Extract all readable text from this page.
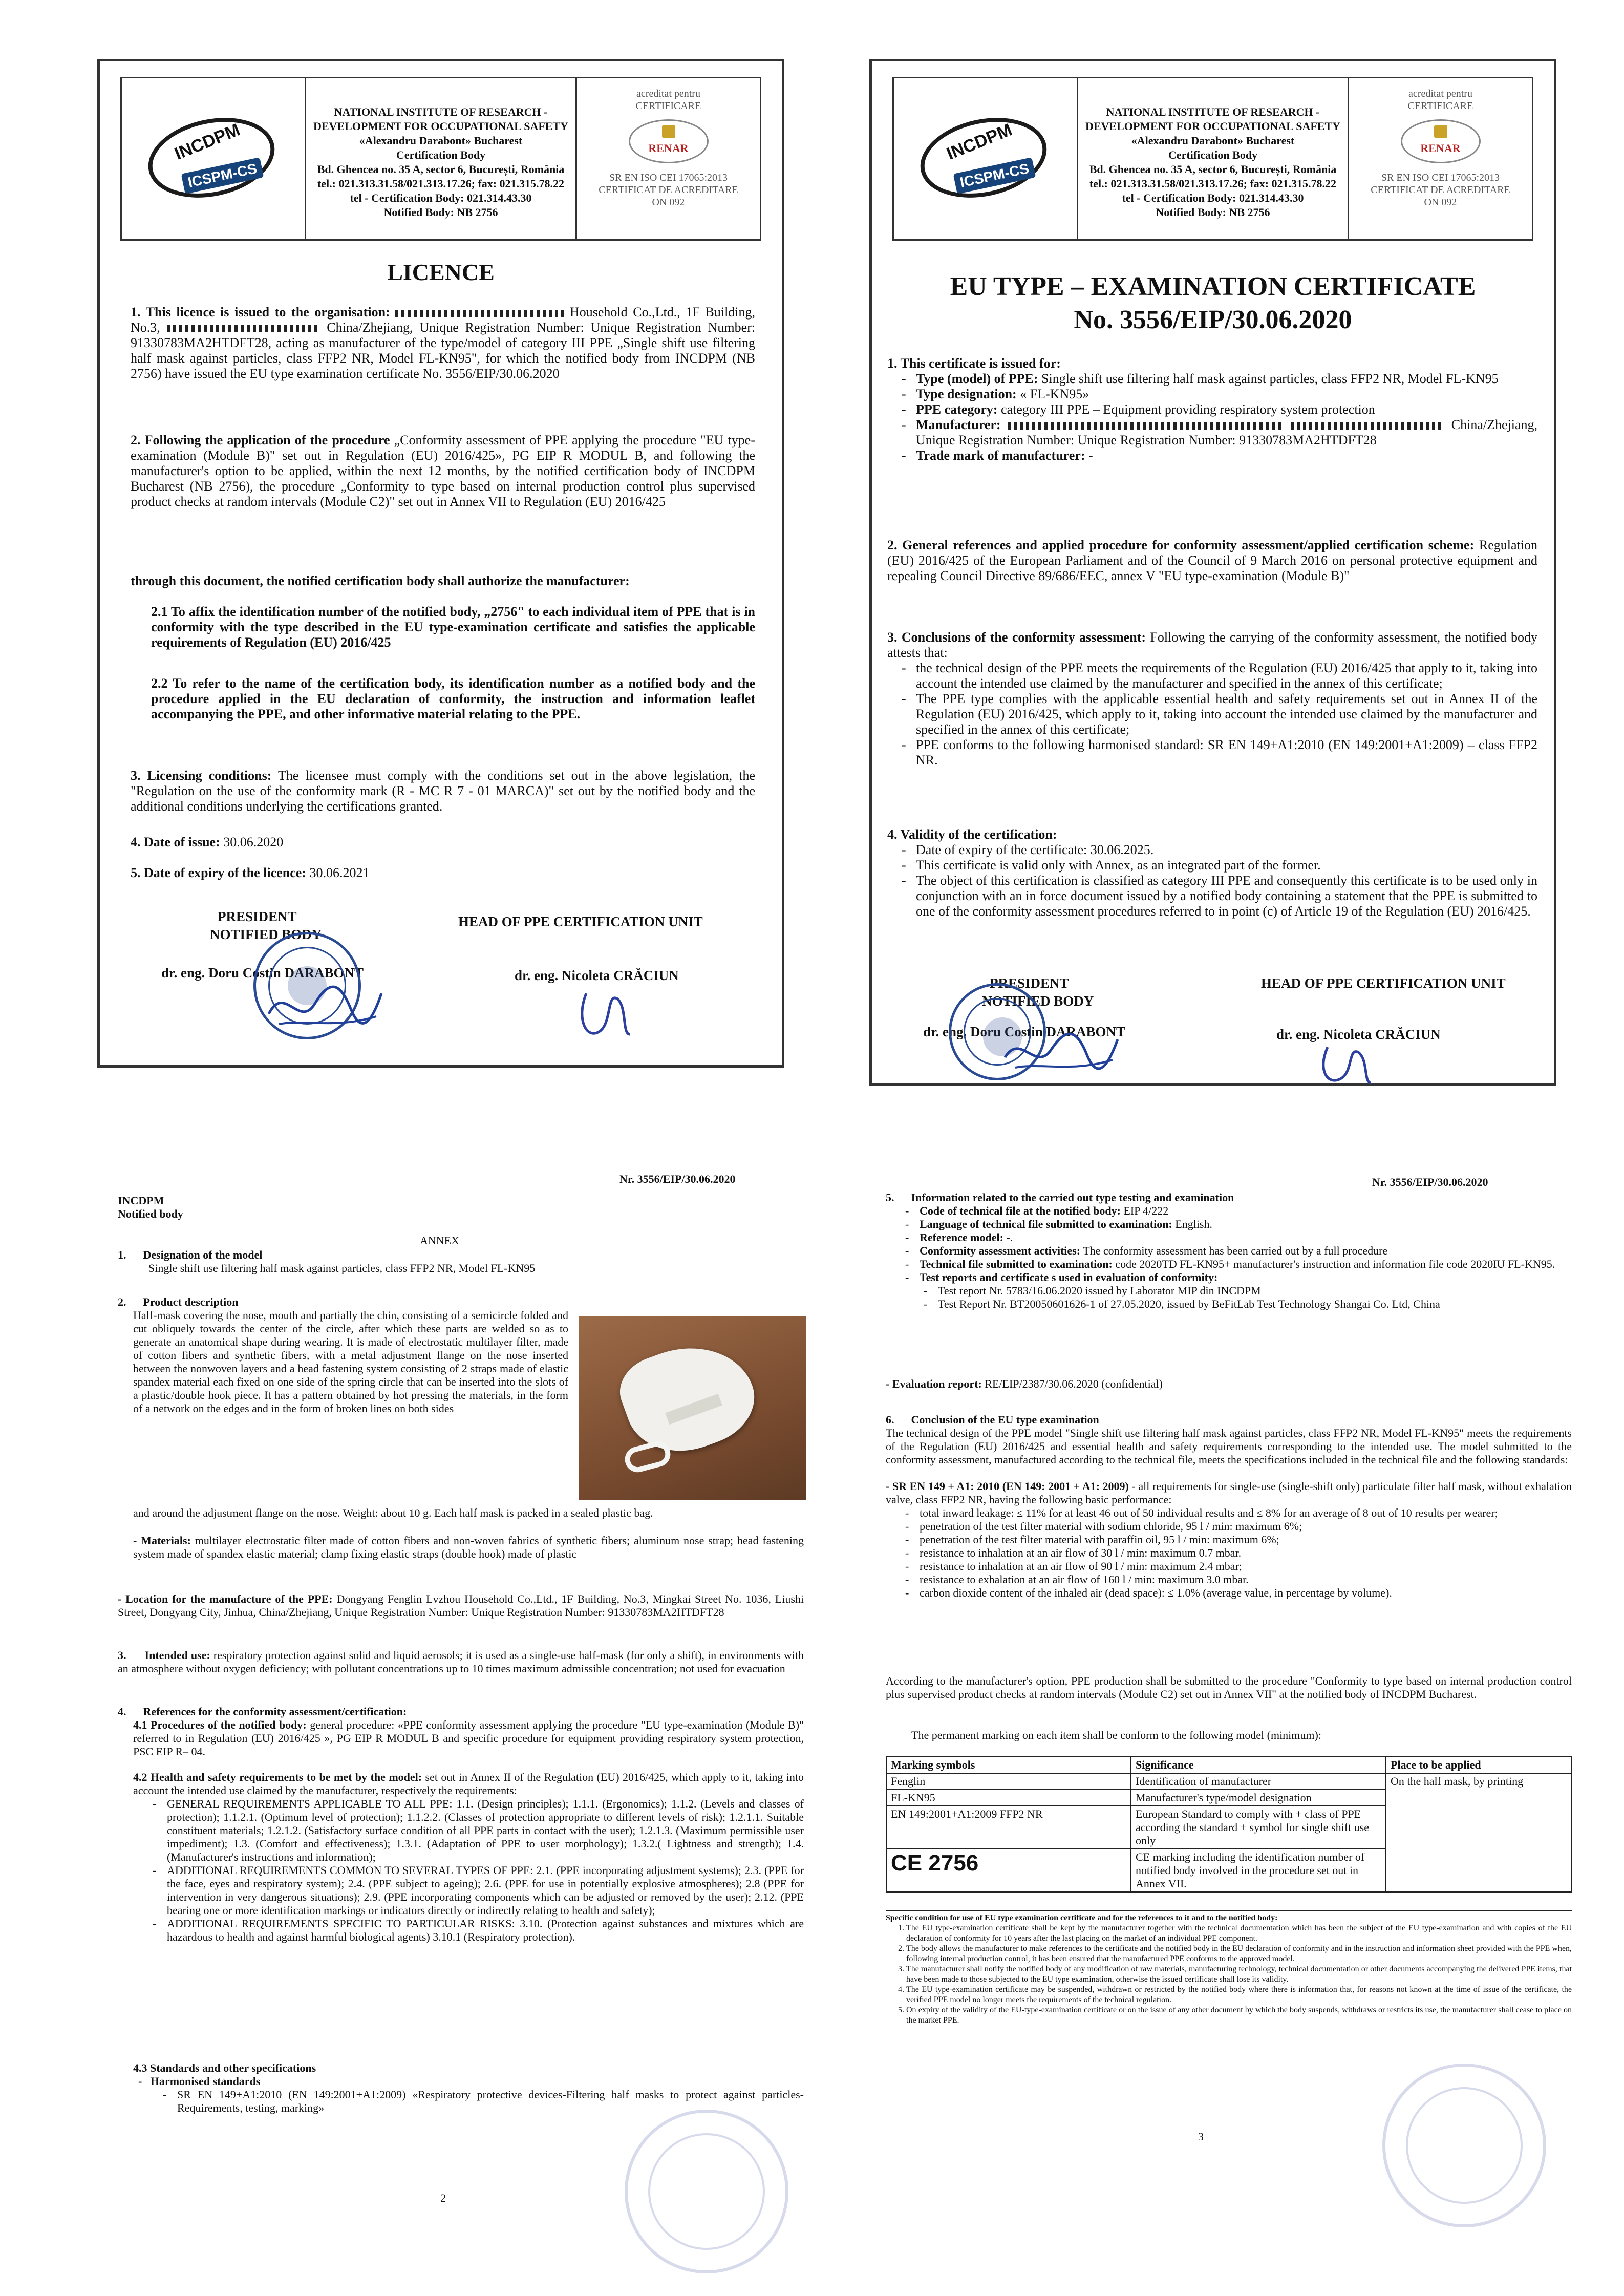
INCDPM
ICSPM-CS
NATIONAL INSTITUTE OF RESEARCH -
DEVELOPMENT FOR OCCUPATIONAL SAFETY
«Alexandru Darabont» Bucharest
Certification Body
Bd. Ghencea no. 35 A, sector 6, București, România
tel.: 021.313.31.58/021.313.17.26; fax: 021.315.78.22
tel - Certification Body: 021.314.43.30
Notified Body: NB 2756
acreditat pentru
CERTIFICARE
RENAR
SR EN ISO CEI 17065:2013
CERTIFICAT DE ACREDITARE
ON 092
LICENCE
1. This licence is issued to the organisation:	Household Co.,Ltd., 1F Building, No.3,	China/Zhejiang, Unique Registration Number: Unique Registration Number: 91330783MA2HTDFT28, acting as manufacturer of the type/model of category III PPE „Single shift use filtering half mask against particles, class FFP2 NR, Model FL-KN95", for which the notified body from INCDPM (NB 2756) have issued the EU type examination certificate No. 3556/EIP/30.06.2020
2. Following the application of the procedure „Conformity assessment of PPE applying the procedure "EU type-examination (Module B)" set out in Regulation (EU) 2016/425», PG EIP R MODUL B, and following the manufacturer's option to be applied, within the next 12 months, by the notified certification body of INCDPM Bucharest (NB 2756), the procedure „Conformity to type based on internal production control plus supervised product checks at random intervals (Module C2)" set out in Annex VII to Regulation (EU) 2016/425
through this document, the notified certification body shall authorize the manufacturer:
2.1 To affix the identification number of the notified body, „2756" to each individual item of PPE that is in conformity with the type described in the EU type-examination certificate and satisfies the applicable requirements of Regulation (EU) 2016/425
2.2 To refer to the name of the certification body, its identification number as a notified body and the procedure applied in the EU declaration of conformity, the instruction and information leaflet accompanying the PPE, and other informative material relating to the PPE.
3. Licensing conditions: The licensee must comply with the conditions set out in the above legislation, the "Regulation on the use of the conformity mark (R - MC R 7 - 01 MARCA)" set out by the notified body and the additional conditions underlying the certifications granted.
4. Date of issue: 30.06.2020
5. Date of expiry of the licence: 30.06.2021
PRESIDENT
NOTIFIED BODY
dr. eng. Doru Costin DARABONT
HEAD OF PPE CERTIFICATION UNIT
dr. eng. Nicoleta CRĂCIUN
INCDPM
ICSPM-CS
NATIONAL INSTITUTE OF RESEARCH -
DEVELOPMENT FOR OCCUPATIONAL SAFETY
«Alexandru Darabont» Bucharest
Certification Body
Bd. Ghencea no. 35 A, sector 6, București, România
tel.: 021.313.31.58/021.313.17.26; fax: 021.315.78.22
tel - Certification Body: 021.314.43.30
Notified Body: NB 2756
acreditat pentru
CERTIFICARE
RENAR
SR EN ISO CEI 17065:2013
CERTIFICAT DE ACREDITARE
ON 092
EU TYPE – EXAMINATION CERTIFICATE
No. 3556/EIP/30.06.2020
1. This certificate is issued for:
- Type (model) of PPE: Single shift use filtering half mask against particles, class FFP2 NR, Model FL-KN95
- Type designation: « FL-KN95»
- PPE category: category III PPE – Equipment providing respiratory system protection
- Manufacturer:	China/Zhejiang, Unique Registration Number: Unique Registration Number: 91330783MA2HTDFT28
- Trade mark of manufacturer: -
2. General references and applied procedure for conformity assessment/applied certification scheme: Regulation (EU) 2016/425 of the European Parliament and of the Council of 9 March 2016 on personal protective equipment and repealing Council Directive 89/686/EEC, annex V "EU type-examination (Module B)"
3. Conclusions of the conformity assessment: Following the carrying of the conformity assessment, the notified body attests that:
- the technical design of the PPE meets the requirements of the Regulation (EU) 2016/425 that apply to it, taking into account the intended use claimed by the manufacturer and specified in the annex of this certificate;
- The PPE type complies with the applicable essential health and safety requirements set out in Annex II of the Regulation (EU) 2016/425, which apply to it, taking into account the intended use claimed by the manufacturer and specified in the annex of this certificate;
- PPE conforms to the following harmonised standard: SR EN 149+A1:2010 (EN 149:2001+A1:2009) – class FFP2 NR.
4. Validity of the certification:
- Date of expiry of the certificate: 30.06.2025.
- This certificate is valid only with Annex, as an integrated part of the former.
- The object of this certification is classified as category III PPE and consequently this certificate is to be used only in conjunction with an in force document issued by a notified body containing a statement that the PPE is submitted to one of the conformity assessment procedures referred to in point (c) of Article 19 of the Regulation (EU) 2016/425.
PRESIDENT
NOTIFIED BODY
dr. eng. Doru Costin DARABONT
HEAD OF PPE CERTIFICATION UNIT
dr. eng. Nicoleta CRĂCIUN
Nr. 3556/EIP/30.06.2020
INCDPM
Notified body
ANNEX
1.      Designation of the model
Single shift use filtering half mask against particles, class FFP2 NR, Model FL-KN95
2.      Product description
Half-mask covering the nose, mouth and partially the chin, consisting of a semicircle folded and cut obliquely towards the center of the circle, after which these parts are welded so as to generate an anatomical shape during wearing. It is made of electrostatic multilayer filter, made of cotton fibers and synthetic fibers, with a metal adjustment flange on the nose inserted between the nonwoven layers and a head fastening system consisting of 2 straps made of elastic spandex material each fixed on one side of the spring circle that can be inserted into the slots of a plastic/double hook piece. It has a pattern obtained by hot pressing the materials, in the form of a network on the edges and in the form of broken lines on both sides
and around the adjustment flange on the nose. Weight: about 10 g. Each half mask is packed in a sealed plastic bag.
- Materials: multilayer electrostatic filter made of cotton fibers and non-woven fabrics of synthetic fibers; aluminum nose strap; head fastening system made of spandex elastic material; clamp fixing elastic straps (double hook) made of plastic
- Location for the manufacture of the PPE: Dongyang Fenglin Lvzhou Household Co.,Ltd., 1F Building, No.3, Mingkai Street No. 1036, Liushi Street, Dongyang City, Jinhua, China/Zhejiang, Unique Registration Number: Unique Registration Number: 91330783MA2HTDFT28
3.      Intended use: respiratory protection against solid and liquid aerosols; it is used as a single-use half-mask (for only a shift), in environments with an atmosphere without oxygen deficiency; with pollutant concentrations up to 10 times maximum admissible concentration; not used for evacuation
4.      References for the conformity assessment/certification:
4.1 Procedures of the notified body: general procedure: «PPE conformity assessment applying the procedure "EU type-examination (Module B)" referred to in Regulation (EU) 2016/425 », PG EIP R MODUL B and specific procedure for equipment providing respiratory system protection, PSC EIP R– 04.
4.2 Health and safety requirements to be met by the model: set out in Annex II of the Regulation (EU) 2016/425, which apply to it, taking into account the intended use claimed by the manufacturer, respectively the requirements:
- GENERAL REQUIREMENTS APPLICABLE TO ALL PPE: 1.1. (Design principles); 1.1.1. (Ergonomics); 1.1.2. (Levels and classes of protection); 1.1.2.1. (Optimum level of protection); 1.1.2.2. (Classes of protection appropriate to different levels of risk); 1.2.1.1. Suitable constituent materials; 1.2.1.2. (Satisfactory surface condition of all PPE parts in contact with the user); 1.2.1.3. (Maximum permissible user impediment); 1.3. (Comfort and effectiveness); 1.3.1. (Adaptation of PPE to user morphology); 1.3.2.( Lightness and strength); 1.4. (Manufacturer's instructions and information);
- ADDITIONAL REQUIREMENTS COMMON TO SEVERAL TYPES OF PPE: 2.1. (PPE incorporating adjustment systems); 2.3. (PPE for the face, eyes and respiratory system); 2.4. (PPE subject to ageing); 2.6. (PPE for use in potentially explosive atmospheres); 2.8 (PPE for intervention in very dangerous situations); 2.9. (PPE incorporating components which can be adjusted or removed by the user); 2.12. (PPE bearing one or more identification markings or indicators directly or indirectly relating to health and safety);
- ADDITIONAL REQUIREMENTS SPECIFIC TO PARTICULAR RISKS: 3.10. (Protection against substances and mixtures which are hazardous to health and against harmful biological agents) 3.10.1 (Respiratory protection).
4.3 Standards and other specifications
-   Harmonised standards
- SR EN 149+A1:2010 (EN 149:2001+A1:2009) «Respiratory protective devices-Filtering half masks to protect against particles- Requirements, testing, marking»
2
Nr. 3556/EIP/30.06.2020
5.      Information related to the carried out type testing and examination
- Code of technical file at the notified body: EIP 4/222
- Language of technical file submitted to examination: English.
- Reference model: -.
- Conformity assessment activities: The conformity assessment has been carried out by a full procedure
- Technical file submitted to examination: code 2020TD FL-KN95+ manufacturer's instruction and information file code 2020IU FL-KN95.
- Test reports and certificate s used in evaluation of conformity:
- Test report Nr. 5783/16.06.2020 issued by Laborator MIP din INCDPM
- Test Report Nr. BT20050601626-1 of 27.05.2020, issued by BeFitLab Test Technology Shangai Co. Ltd, China
- Evaluation report: RE/EIP/2387/30.06.2020 (confidential)
6.      Conclusion of the EU type examination
The technical design of the PPE model "Single shift use filtering half mask against particles, class FFP2 NR, Model FL-KN95" meets the requirements of the Regulation (EU) 2016/425 and essential health and safety requirements corresponding to the intended use. The model submitted to the conformity assessment, manufactured according to the technical file, meets the specifications included in the technical file and the following standards:
- SR EN 149 + A1: 2010 (EN 149: 2001 + A1: 2009) - all requirements for single-use (single-shift only) particulate filter half mask, without exhalation valve, class FFP2 NR, having the following basic performance:
- total inward leakage: ≤ 11% for at least 46 out of 50 individual results and ≤ 8% for an average of 8 out of 10 results per wearer;
- penetration of the test filter material with sodium chloride, 95 l / min: maximum 6%;
- penetration of the test filter material with paraffin oil, 95 l / min: maximum 6%;
- resistance to inhalation at an air flow of 30 l / min: maximum 0.7 mbar.
- resistance to inhalation at an air flow of 90 l / min: maximum 2.4 mbar;
- resistance to exhalation at an air flow of 160 l / min: maximum 3.0 mbar.
- carbon dioxide content of the inhaled air (dead space): ≤ 1.0% (average value, in percentage by volume).
According to the manufacturer's option, PPE production shall be submitted to the procedure "Conformity to type based on internal production control plus supervised product checks at random intervals (Module C2) set out in Annex VII" at the notified body of INCDPM Bucharest.
The permanent marking on each item shall be conform to the following model (minimum):
Marking symbols	Significance	Place to be applied
Fenglin	Identification of manufacturer	On the half mask, by printing
FL-KN95	Manufacturer's type/model designation	
EN 149:2001+A1:2009 FFP2 NR	European Standard to comply with + class of PPE according the standard + symbol for single shift use only	
CE 2756	CE marking including the identification number of notified body involved in the procedure set out in Annex VII.	
Specific condition for use of EU type examination certificate and for the references to it and to the notified body:
1. The EU type-examination certificate shall be kept by the manufacturer together with the technical documentation which has been the subject of the EU type-examination and with copies of the EU declaration of conformity for 10 years after the last placing on the market of an individual PPE component.
2. The body allows the manufacturer to make references to the certificate and the notified body in the EU declaration of conformity and in the instruction and information sheet provided with the PPE when, following internal production control, it has been ensured that the manufactured PPE conforms to the approved model.
3. The manufacturer shall notify the notified body of any modification of raw materials, manufacturing technology, technical documentation or other documents accompanying the delivered PPE items, that have been made to those subjected to the EU type examination, otherwise the issued certificate shall lose its validity.
4. The EU type-examination certificate may be suspended, withdrawn or restricted by the notified body where there is information that, for reasons not known at the time of issue of the certificate, the verified PPE model no longer meets the requirements of the technical regulation.
5. On expiry of the validity of the EU-type-examination certificate or on the issue of any other document by which the body suspends, withdraws or restricts its use, the manufacturer shall cease to place on the market PPE.
3
